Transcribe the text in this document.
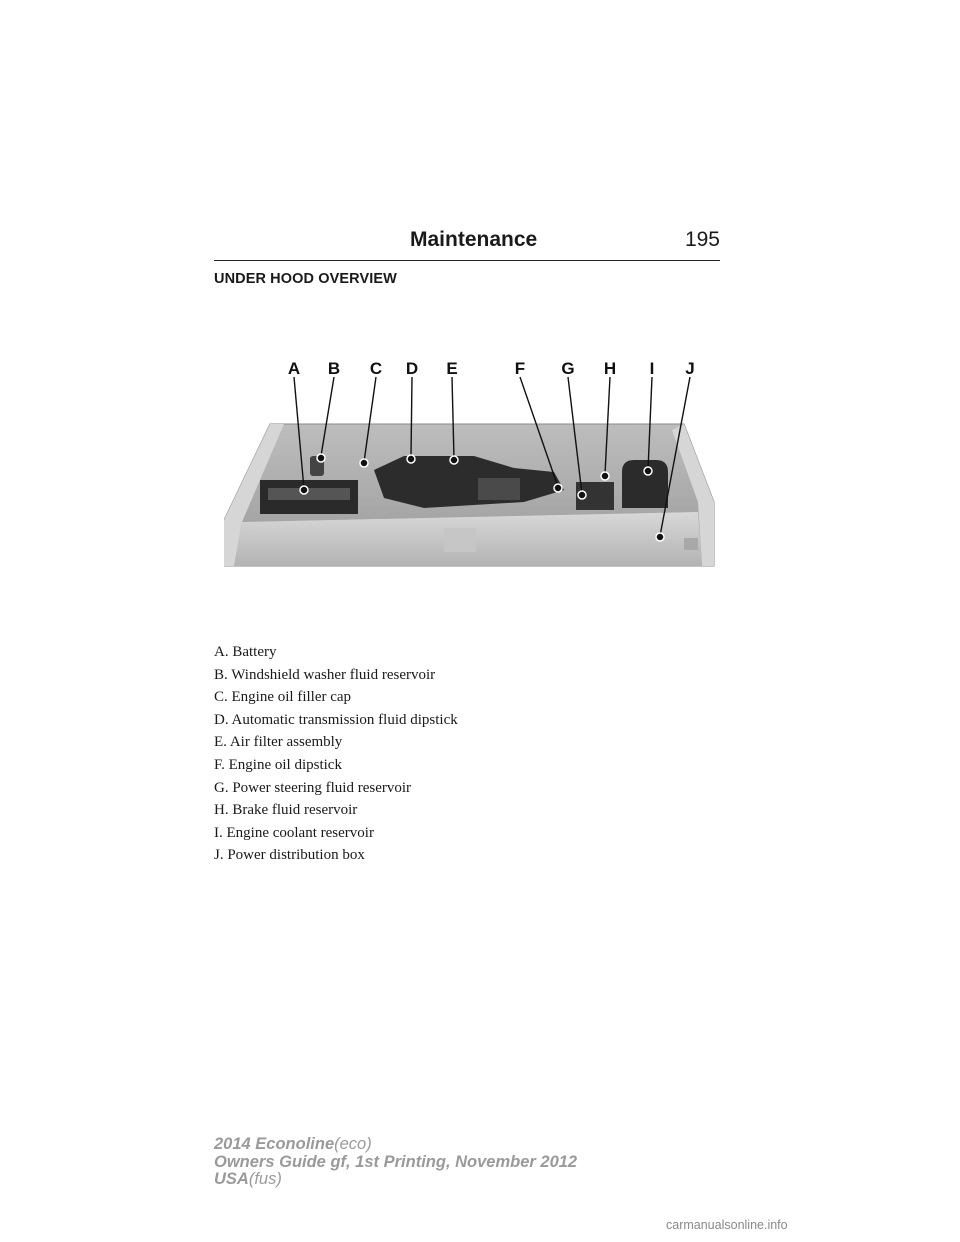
Maintenance	195
UNDER HOOD OVERVIEW
A B C D E	F G H I J
A. Battery
B. Windshield washer fluid reservoir
C. Engine oil filler cap
D. Automatic transmission fluid dipstick
E. Air filter assembly
F. Engine oil dipstick
G. Power steering fluid reservoir
H. Brake fluid reservoir
I. Engine coolant reservoir
J. Power distribution box
2014 Econoline(eco)
Owners Guide gf, 1st Printing, November 2012
USA(fus)
carmanualsonline.info
